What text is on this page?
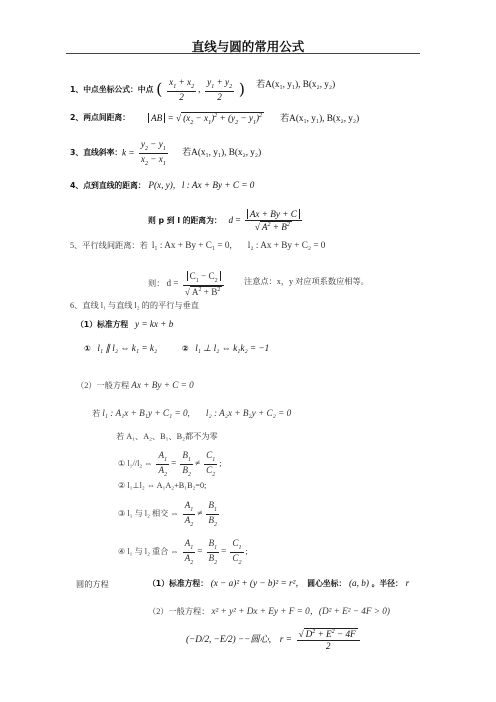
直线与圆的常用公式
1、中点坐标公式：中点 ( $\frac{x_1 + x_2}{2}$ , $\frac{y_1 + y_2}{2}$ ) 若A(x₁, y₁), B(x₂, y₂)
2、两点间距离：	AB = √ $(x_2 - x_1)^2 + (y_2 - y_1)^2$ 若A(x₁, y₁), B(x₂, y₂)
3、直线斜率： $k = \frac{y_2 - y_1}{x_2 - x_1}$ 若A(x₁, y₁), B(x₂, y₂)
4、点到直线的距离： P(x, y), l : Ax + By + C = 0
则 p 到 l 的距离为： $d = \frac{Ax + By + C}{√ A^2 + B^2}$
5、平行线间距离：若 l₁ : Ax + By + C₁ = 0, l₂ : Ax + By + C₂ = 0
则： $d = \frac{C_1 - C_2}{√ A^2 + B^2}$ 注意点：x，y 对应项系数应相等。
6、直线 l₁ 与直线 l₂ 的的平行与垂直
（1）标准方程 y = kx + b
① l₁ ∥ l₂ ⇔ k₁ = k₂	② l₁ ⊥ l₂ ⇔ k₁k₂ = −1
（2）一般方程 Ax + By + C = 0
若 l₁ : A₁x + B₁y + C₁ = 0, l₂ : A₂x + B₂y + C₂ = 0
若 A₁、A₂、B₁、B₂都不为零
① l₁//l₂ ⇔ $\frac{A_1}{A_2} = \frac{B_1}{B_2} \ne \frac{C_1}{C_2}$ ;
② l₁⊥l₂ ⇔ A₁A₂+B₁B₂=0;
③ l₁ 与 l₂ 相交 ⇔ $\frac{A_1}{A_2} \ne \frac{B_1}{B_2}$
④ l₁ 与 l₂ 重合 ⇔ $\frac{A_1}{A_2} = \frac{B_1}{B_2} = \frac{C_1}{C_2}$ ;
圆的方程	（1）标准方程： (x − a)² + (y − b)² = r²， 圆心坐标： (a, b) 。半径： r
（2）一般方程： x² + y² + Dx + Ey + F = 0，(D² + E² − 4F > 0)
(−D/2, −E/2) −−圆心, $r = \frac{√ D^2 + E^2 - 4F}{2}$
